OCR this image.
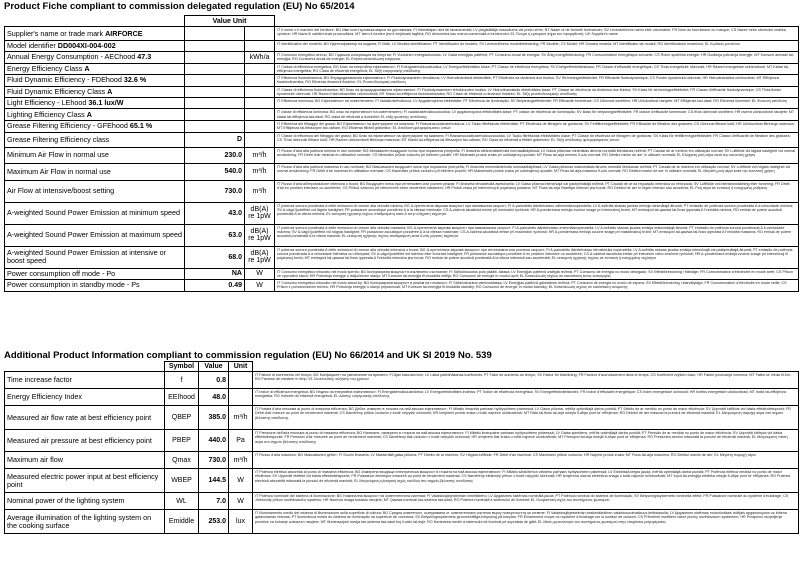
Product Fiche compliant to commission delegated regulation (EU) No 65/2014
	Value Unit		
Supplier's name or trade mark AIRFORCE			IT Il nome o il marchio del fornitore; BG Име или търговска марка на доставчика; FI Valmistajan nimi tai tavaramerkki; LV piegādātāja nosaukums vai preču zīme; NT Naam of de formele leverancier; SV Leverantörens namn eller varumärke; FR Nom du fournisseur ou marque; CS Název nebo obchodní značka výrobce; HR Naziv ili zaštitni znak proizvođača; MT Isem il-fornitur jew it-trejdmark tagħha; RO denumirea sau marca comercială a furnizorului; EL Όνομα ή εμπορικό σήμα του προμηθευτή; UK Supplier's name
Model identifier DD004XI-004-002			IT Identificativo del modello; BG Идентификатор на модела; FI Malli; LV Modeļa identifikators; PT Identificador do modelo; SV Leverantörens modellbeteckning; FR Modèle; CS Model; HR Oznaka modela; MT Identifikatur tal-mudell; RO Identificatorul modelului; EL Κωδικός μοντέλου
Annual Energy Consumption - AEChood 47.3		kWh/a	IT Consumo energetico annuo; BG Годишна консумация на енергия; FI Vuotuinen energiankulutus; LV Gada enerģijas patēriņš; PT Consumo anual de energia; SV Årlig energiförbrukning; FR Consommation énergétique annuelle; CS Roční spotřeba energie; HR Godišnja potrošnja energije; MT Konsum annwali tal-enerġija; RO Consumul anual de energie; EL Ετήσια κατανάλωση ενέργειας
Energy Efficiency Class A			IT Classe di efficienza energetica; BG Клас на енергийна ефективност; FI Energiatehokkuusluokka; LV Energoefektivitātes klase; PT Classe de eficiência energética; SV Energieffektivitetsklass; FR Classe d'efficacité énergétique; CS Třída energetické účinnosti; HR Razred energetske učinkovitosti; MT Klassi tal-effiċjenza enerġetika; RO Clasa de eficiență energetică; EL Τάξη ενεργειακής απόδοσης
Fluid Dynamic Efficiency - FDEhood 32.6 %			IT Efficienza fluidodinamica; BG Флуидодинамична ефективност; FI Fluidodynaaminen tehokkuus; LV Hidrodinamiskā efektivitāte; PT Eficiência da dinâmica dos fluidos; SV Strömningseffektivitet; FR Efficacité fluidodynamique; CS Fluidní dynamická účinnost; HR Hidrodinamička učinkovitost; MT Effiċjenza fluwidodinamika; RO Eficiența dinamicii fluidelor; EL Ρευστοδυναμική απόδοση
Fluid Dynamic Efficiency Class A			IT Classe di efficienza fluidodinamica; BG Клас на флуидодинамична ефективност; FI Fluidodynaamisen tehokkuuden luokka; LV Hidrodinamiskās efektivitātes klase; PT Classe de eficiência da dinâmica dos fluidos; SV Klass för strömningseffektivitet; FR Classe d'efficacité fluidodynamique; CS Třída fluidní dynamické účinnosti; HR Razred hidrodinamičke učinkovitosti; MT Klassi tal-effiċjenza fluwidodinamika; RO Clasa de eficiență a dinamicii fluidelor; EL Τάξη ρευστοδυναμικής απόδοσης
Light Efficiency - LEhood 36.1 lux/W			IT Efficienza luminosa; BG Ефективност на осветлението; FI Valaistustehokkuus; LV Apgaismojuma efektivitāte; PT Eficiência de iluminação; SV Belysningseffektivitet; FR Efficacité lumineuse; CS Účinnost osvětlení; HR Učinkovitost rasvjete; MT Effiċjenza tad-dawl; RO Eficiența iluminării; EL Φωτεινή απόδοση
Lighting Efficiency Class A			IT classe di efficienza luminosa; BG клас на ефективност на осветлението; FI valaistustehokkuusluokka; LV apgaismojuma efektivitātes klase; PT classe de eficiência de iluminação; SV klass för belysningseffektivitet; FR classe d'efficacité lumineuse; CS třída účinnosti osvětlení; HR razred učinkovitosti rasvjete; MT klassi tal-effiċjenza tad-dawl; RO clasa de eficiență a iluminării; EL τάξη φωτεινής απόδοσης
Grease Filtering Efficiency - GFEhood 65.1 %			IT Efficienza del filtraggio dei grassi; BG Ефективност на филтриране на мазнини; FI Rasvansuodatustehokkuus; LV Tauku filtrēšanas efektivitāte; PT Eficiência de filtragem de gorduras; SV Fettfiltreringseffektivitet; FR Efficacité de filtration des graisses; CS Účinnost filtrace tuků; HR Učinkovitost filtriranja masnoća; MT Effiċjenza tal-filtrazzjoni tax-xaħam; RO Eficiența filtrării grăsimilor; EL Απόδοση φιλτραρίσματος λιπών
Grease Filtering Efficiency class	D		IT Classe di efficienza del filtraggio dei grassi; BG Клас на ефективност на филтриране на мазнини; FI Rasvansuodatustehokkuusluokka; LV Tauku filtrēšanas efektivitātes klase; PT Classe de eficiência de filtragem de gorduras; SV Klass för fettfiltreringseffektivitet; FR Classe d'efficacité de filtration des graisses; CS Třída účinnosti filtrace tuků; HR Razred učinkovitosti filtriranja masnoća; MT Klassi tal-effiċjenza tal-filtrazzjoni tax-xaħam; RO Clasa de eficiență a filtrării grăsimilor; EL Τάξη απόδοσης φιλτραρίσματος λιπών
Minimum Air Flow in normal use	230.0	m³/h	IT Flusso d'aria alla potenza minima in uso normale; BG Минимален въздушен поток при нормална употреба; FI Ilmavirta vähimmäisteholla normaalikäytössä; LV Gaisa plūsmas minimālais ātrums normālā lietošanas režīmā; PT Caudal de ar mínimo em utilização normal; SV Luftflöde vid lägsta hastighet vid normal användning; FR Débit d'air minimal en utilisation normale; CS Minimální průtok vzduchu při běžném použití; HR Minimalni protok zraka pri uobičajenoj uporabi; MT Fluss tal-arja minimu fl-użu normali; RO Debitul minim de aer în utilizare normală; EL Ελάχιστη ροή αέρα κατά την κανονική χρήση
Maximum Air Flow in normal use	540.0	m³/h	IT Flusso d'aria alla potenza massima in uso normale; BG Максимален въздушен поток при нормална употреба; FI Ilmavirta enimmäisteholla normaalikäytössä; LV Gaisa plūsmas maksimālais ātrums normālā lietošanas režīmā; PT Caudal de ar máximo em utilização normal; SV Luftflöde vid högsta hastighet vid normal användning; FR Débit d'air maximal en utilisation normale; CS Maximální průtok vzduchu při běžném použití; HR Maksimalni protok zraka pri uobičajenoj uporabi; MT Fluss tal-arja massimu fl-użu normali; RO Debitul maxim de aer în utilizare normală; EL Μέγιστη ροή αέρα κατά την κανονική χρήση
Air Flow at intensive/boost setting	730.0	m³/h	IT Flusso d'aria all'impostazione intensiva o boost; BG Въздушен поток при интензивен или усилен режим; FI Ilmavirta tehostetulla asetuksella; LV Gaisa plūsma intensīvajā vai pastiprinātajā režīmā; PT Caudal de ar na regulação intensiva ou reforçada; SV Luftflöde vid intensivinställning eller forcering; FR Débit d'air en position intensive ou accélérée; CS Průtok vzduchu při intenzivním nebo zesíleném nastavení; HR Protok zraka pri intenzivnoj ili pojačanoj postavci; MT Fluss tal-arja f'issettjar intensiv jew boost; RO Debitul de aer în regim intensiv sau accelerat; EL Ροή αέρα σε εντατική ή ενισχυμένη ρύθμιση
A-weighted Sound Power Emission at minimum speed	43.0	dB(A) re 1pW	IT potenza sonora ponderata A delle emissioni di rumore alla velocità minima; BG А-претеглена звукова мощност при минимална скорост; FI A-painotettu äänitehotaso vähimmäisnopeudella; LV A-svērtās skaņas jaudas emisija minimālajā ātrumā; PT emissão de potência sonora ponderada A à velocidade mínima; SV A-vägd ljudeffekt vid lägsta hastighet; FR puissance acoustique pondérée A à la vitesse minimale; CS A-vážená akustická emise při minimální rychlosti; HR A-ponderirana emisija zvučne snage pri minimalnoj brzini; MT emissjoni tal-qawwa tal-ħoss ippeżata A f'veloċità minima; RO emisia de putere acustică ponderată A la viteza minimă; EL εκπομπή ηχητικής ισχύος σταθμισμένη κατά A στην ελάχιστη ταχύτητα
A-weighted Sound Power Emission at maximum speed	63.0	dB(A) re 1pW	IT potenza sonora ponderata A delle emissioni di rumore alla velocità massima; BG А-претеглена звукова мощност при максимална скорост; FI A-painotettu äänitehotaso enimmäisnopeudella; LV A-svērtās skaņas jaudas emisija maksimālajā ātrumā; PT emissão de potência sonora ponderada A à velocidade máxima; SV A-vägd ljudeffekt vid högsta hastighet; FR puissance acoustique pondérée A à la vitesse maximale; CS A-vážená akustická emise při maximální rychlosti; HR A-ponderirana emisija zvučne snage pri maksimalnoj brzini; MT emissjoni tal-qawwa tal-ħoss ippeżata A f'veloċità massima; RO emisia de putere acustică ponderată A la viteza maximă; EL εκπομπή ηχητικής ισχύος σταθμισμένη κατά A στη μέγιστη ταχύτητα
A-weighted Sound Power Emission at intensive or boost speed	68.0	dB(A) re 1pW	IT potenza sonora ponderata A delle emissioni di rumore alla velocità intensiva o boost; BG А-претеглена звукова мощност при интензивна или усилена скорост; FI A-painotettu äänitehotaso tehostetulla nopeudella; LV A-svērtās skaņas jaudas emisija intensīvajā vai pastiprinātajā ātrumā; PT emissão de potência sonora ponderada A à velocidade intensiva ou reforçada; SV A-vägd ljudeffekt vid intensiv eller forcerad hastighet; FR puissance acoustique pondérée A en position intensive ou accélérée; CS A-vážená akustická emise při intenzivní nebo zesílené rychlosti; HR A-ponderirana emisija zvučne snage pri intenzivnoj ili pojačanoj brzini; MT emissjoni tal-qawwa tal-ħoss ippeżata A f'veloċità intensiva jew boost; RO emisia de putere acustică ponderată A la viteza intensivă sau accelerată; EL εκπομπή ηχητικής ισχύος σε εντατική ή ενισχυμένη ταχύτητα
Power consumption off mode - Po	NA	W	IT Consumo energetico misurato nel modo spento; BG Консумирана мощност в изключено състояние; FI Sähkönkulutus pois päältä -tilassa; LV Enerģijas patēriņš izslēgtā režīmā; PT Consumo de energia no modo desligado; SV Effektförbrukning i frånläge; FR Consommation d'électricité en mode arrêt; CS Příkon ve vypnutém stavu; HR Potrošnja energije u isključenom stanju; MT Konsum tal-enerġija fil-modalità mitfija; RO Consumul de energie în modul oprit; EL Κατανάλωση ισχύος σε κατάσταση εκτός λειτουργίας
Power consumption in standby mode - Ps	0.49	W	IT Consumo energetico misurato nel modo stand-by; BG Консумирана мощност в режим на готовност; FI Sähkönkulutus valmiustilassa; LV Enerģijas patēriņš gaidstāves režīmā; PT Consumo de energia no modo de espera; SV Effektförbrukning i standbyläge; FR Consommation d'électricité en mode veille; CS Příkon v pohotovostním režimu; HR Potrošnja energije u stanju pripravnosti; MT Konsum tal-enerġija fil-modalità standby; RO Consumul de energie în modul standby; EL Κατανάλωση ισχύος σε κατάσταση αναμονής
Additional Product Information compliant to commission regulation (EU) No 66/2014 and UK SI 2019 No. 539
	Symbol	Value	Unit	
Time increase factor	f	0.8		IT Fattore di incremento nel tempo; BG Коефициент на увеличение на времето; FI Ajan kasvukerroin; LV Laika palielināšanas koeficients; PT Fator de aumento do tempo; SV Faktor för tidsökning; FR Facteur d'accroissement dans le temps; CS Koeficient zvýšení času; HR Faktor povećanja vremena; MT Fattur ta' żieda fil-ħin; RO Factorul de creștere în timp; EL Συντελεστής αύξησης του χρόνου
Energy Efficiency Index	EEIhood	48.0		IT Indice di efficienza energetica; BG Индекс на енергийна ефективност; FI Energiatehokkuusindeksi; LV Energoefektivitātes indekss; PT Índice de eficiência energética; SV Energieffektivitetsindex; FR Indice d'efficacité énergétique; CS Index energetické účinnosti; HR Indeks energetske učinkovitosti; MT Indiċi tal-effiċjenza enerġetika; RO Indicele de eficiență energetică; EL Δείκτης ενεργειακής απόδοσης
Measured air flow rate at best efficiency point	QBEP	385.0	m³/h	IT Portata d'aria misurata al punto di massima efficienza; BG Дебит, измерен в точката на най-висока ефективност; FI Mitattu ilmavirta parhaan hyötysuhteen pisteessä; LV Gaisa plūsma, mērīta optimālajā darba punktā; PT Débito de ar medido no ponto de maior eficiência; SV Uppmätt luftflöde vid bästa effektivitetspunkt; FR Débit d'air mesuré au point de rendement maximal; CS Naměřený průtok vzduchu v bodě nejvyšší účinnosti; HR Izmjereni protok zraka u točki najveće učinkovitosti; MT Rata tal-fluss tal-arja mkejla fl-aħjar punt ta' effiċjenza; RO Debitul de aer măsurat la punctul de eficiență maximă; EL Μετρούμενη παροχή αέρα στο σημείο βέλτιστης απόδοσης
Measured air pressure at best efficiency point	PBEP	440.0	Pa	IT Pressione dell'aria misurata al punto di massima efficienza; BG Налягане, измерено в точката на най-висока ефективност; FI Mitattu ilmanpaine parhaan hyötysuhteen pisteessä; LV Gaisa spiediens, mērīts optimālajā darba punktā; PT Pressão de ar medida no ponto de maior eficiência; SV Uppmätt lufttryck vid bästa effektivitetspunkt; FR Pression d'air mesurée au point de rendement maximal; CS Naměřený tlak vzduchu v bodě nejvyšší účinnosti; HR Izmjereni tlak zraka u točki najveće učinkovitosti; MT Pressjoni tal-arja mkejla fl-aħjar punt ta' effiċjenza; RO Presiunea aerului măsurată la punctul de eficiență maximă; EL Μετρούμενη πίεση αέρα στο σημείο βέλτιστης απόδοσης
Maximum air flow	Qmax	730.0	m³/h	IT Flusso d'aria massimo; BG Максимален дебит; FI Suurin ilmavirta; LV Maksimālā gaisa plūsma; PT Débito de ar máximo; SV Högsta luftflöde; FR Débit d'air maximal; CS Maximální průtok vzduchu; HR Najveći protok zraka; MT Fluss tal-arja massimu; RO Debitul maxim de aer; EL Μέγιστη παροχή αέρα
Measured electric power input at best efficiency point	WBEP	144.5	W	IT Potenza elettrica assorbita al punto di massima efficienza; BG Измерена входяща електрическа мощност в точката на най-висока ефективност; FI Mitattu sähkötehon ottoteho parhaan hyötysuhteen pisteessä; LV Elektriskā ieejas jauda, mērīta optimālajā darba punktā; PT Potência elétrica medida no ponto de maior eficiência; SV Uppmätt eleffekt vid bästa effektivitetspunkt; FR Puissance électrique mesurée au point de rendement maximal; CS Naměřený elektrický příkon v bodě nejvyšší účinnosti; HR Izmjerena ulazna električna snaga u točki najveće učinkovitosti; MT Input tal-enerġija elettrika mkejla fl-aħjar punt ta' effiċjenza; RO Puterea electrică absorbită măsurată la punctul de eficiență maximă; EL Μετρούμενη ηλεκτρική ισχύς εισόδου στο σημείο βέλτιστης απόδοσης
Nominal power of the lighting system	WL	7.0	W	IT Potenza nominale del sistema di illuminazione; BG Номинална мощност на осветителната система; FI Valaistusjärjestelmän nimellisteho; LV Apgaismes sistēmas nominālā jauda; PT Potência nominal do sistema de iluminação; SV Belysningssystemets nominella effekt; FR Puissance nominale du système d'éclairage; CS Jmenovitý příkon osvětlovacího systému; HR Nazivna snaga sustava rasvjete; MT Qawwa nominali tas-sistema tad-dawl; RO Puterea nominală a sistemului de iluminat; EL Ονομαστική ισχύς του συστήματος φωτισμού
Average illumination of the lighting system on the cooking surface	Emiddle	253.0	lux	IT Illuminamento medio del sistema di illuminazione sulla superficie di cottura; BG Средна осветеност, осигурявана от осветителната система върху повърхността за готвене; FI Valaistusjärjestelmän keskimääräinen valaistusvoimakkuus keittotasolla; LV Apgaismes sistēmas nodrošinātais vidējais apgaismojums uz ēdiena gatavošanas virsmas; PT Iluminância média do sistema de iluminação na superfície de cozedura; SV Belysningssystemets genomsnittliga belysning på kokytan; FR Éclairement moyen du système d'éclairage sur la surface de cuisson; CS Průměrné osvětlení varné plochy osvětlovacím systémem; HR Prosječno osvjetljenje površine za kuhanje sustavom rasvjete; MT Illuminazzjoni medja tas-sistema tad-dawl fuq il-wiċċ tat-tisjir; RO Iluminarea medie a sistemului de iluminat pe suprafața de gătit; EL Μέση φωτεινότητα του συστήματος φωτισμού στην επιφάνεια μαγειρέματος
